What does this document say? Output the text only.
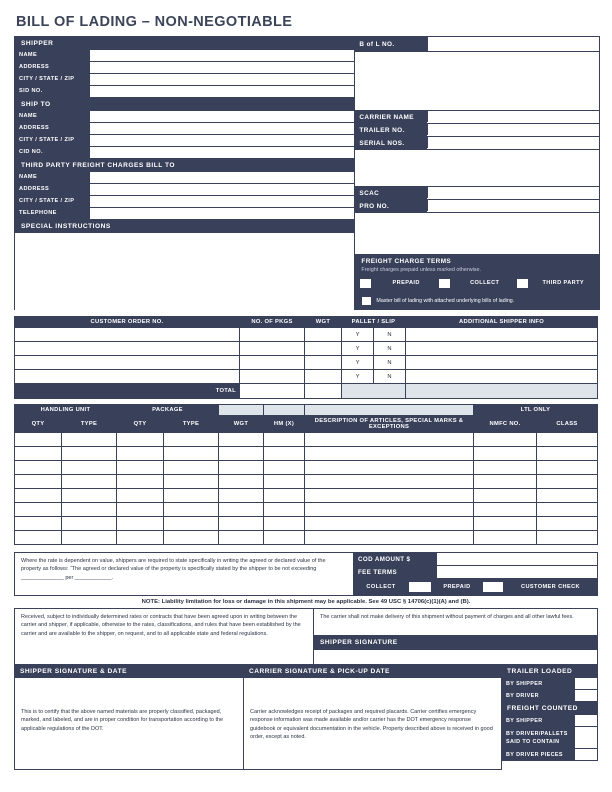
BILL OF LADING – NON-NEGOTIABLE
SHIPPER
NAME
ADDRESS
CITY / STATE / ZIP
SID NO.
SHIP TO
NAME
ADDRESS
CITY / STATE / ZIP
CID NO.
THIRD PARTY FREIGHT CHARGES BILL TO
NAME
ADDRESS
CITY / STATE / ZIP
TELEPHONE
SPECIAL INSTRUCTIONS
B of L NO.
CARRIER NAME
TRAILER NO.
SERIAL NOS.
SCAC
PRO NO.
FREIGHT CHARGE TERMS
Freight charges prepaid unless marked otherwise.
PREPAID	COLLECT	THIRD PARTY
Master bill of lading with attached underlying bills of lading.
CUSTOMER ORDER NO.	NO. OF PKGS	WGT	PALLET / SLIP		ADDITIONAL SHIPPER INFO
			Y	N	
			Y	N	
			Y	N	
			Y	N	
TOTAL					
HANDLING UNIT		PACKAGE					LTL ONLY	
QTY	TYPE	QTY	TYPE	WGT	HM (X)	DESCRIPTION OF ARTICLES, SPECIAL MARKS & EXCEPTIONS	NMFC NO.	CLASS

Where the rate is dependent on value, shippers are required to state specifically in writing the agreed or declared value of the property as follows: “The agreed or declared value of the property is specifically stated by the shipper to be not exceeding ______________ per ____________.
COD AMOUNT $
FEE TERMS
COLLECT	PREPAID	CUSTOMER CHECK
NOTE: Liability limitation for loss or damage in this shipment may be applicable. See 49 USC § 14706(c)(1)(A) and (B).
Received, subject to individually determined rates or contracts that have been agreed upon in writing between the carrier and shipper, if applicable, otherwise to the rates, classifications, and rules that have been established by the carrier and are available to the shipper, on request, and to all applicable state and federal regulations.
The carrier shall not make delivery of this shipment without payment of charges and all other lawful fees.
SHIPPER SIGNATURE
SHIPPER SIGNATURE & DATE	CARRIER SIGNATURE & PICK-UP DATE	TRAILER LOADED
This is to certify that the above named materials are properly classified, packaged, marked, and labeled, and are in proper condition for transportation according to the applicable regulations of the DOT.
Carrier acknowledges receipt of packages and required placards. Carrier certifies emergency response information was made available and/or carrier has the DOT emergency response guidebook or equivalent documentation in the vehicle. Property described above is received in good order, except as noted.
BY SHIPPER
BY DRIVER
FREIGHT COUNTED
BY SHIPPER
BY DRIVER/PALLETS SAID TO CONTAIN
BY DRIVER PIECES
